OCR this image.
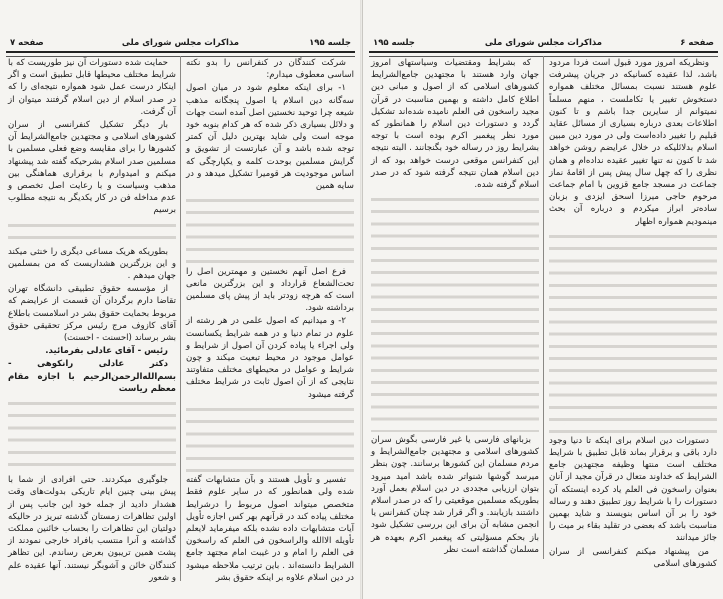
جلسه ۱۹۵
مذاکرات مجلس شورای ملی
صفحه ۷

شرکت کنندگان در کنفرانس را بدو نکته اساسی معطوف میدارم:

۱- برای اینکه معلوم شود در میان اصول سه‌گانه دین اسلام یا اصول پنجگانه مذهب شیعه چرا توحید نخستین اصل آمده است جهات و دلائل بسیاری ذکر شده که هر کدام بنوبه خود موجه است ولی شاید بهترین دلیل آن کمتر توجه شده باشد و آن عبارتست از تشویق و گرایش مسلمین بوحدت کلمه و یکپارچگی که اساس موجودیت هر قومیرا تشکیل میدهد و در سایه همین

فرع اصل آنهم نخستین و مهمترین اصل را تحت‌الشعاع قرارداد و این بزرگترین مانعی است که هرچه زودتر باید از پیش پای مسلمین برداشته شود.

۲- و میدانیم که اصول علمی در هر رشته از علوم در تمام دنیا و در همه شرایط یکسانست ولی اجراء یا پیاده کردن آن اصول از شرایط و عوامل موجود در محیط تبعیت میکند و چون شرایط و عوامل در محیطهای مختلف متفاوتند نتایجی که از آن اصول ثابت در شرایط مختلف گرفته میشود

تفسیر و تأویل هستند و بآن متشابهات گفته شده ولی همانطور که در سایر علوم فقط متخصص میتواند اصول مربوط را درشرایط مختلف پیاده کند در قرآنهم بهر کس اجازه تأویل آیات متشابهات داده نشده بلکه میفرماید لایعلم تأویله الاالله والراسخون فی العلم که راسخون فی العلم را امام و در غیبت امام مجتهد جامع الشرایط دانسته‌اند . باین ترتیب ملاحظه میشود در دین اسلام علاوه بر اینکه حقوق بشر

حمایت شده دستورات آن نیز طوریست که با شرایط مختلف محیطها قابل تطبیق است و اگر اینکار درست عمل شود همواره نتیجه‌ای را که در صدر اسلام از دین اسلام گرفتند میتوان از آن گرفت.

بار دیگر تشکیل کنفرانسی از سران کشورهای اسلامی و مجتهدین جامع‌الشرایط آن کشورها را برای مقایسه وضع فعلی مسلمین با مسلمین صدر اسلام بشرحیکه گفته شد پیشنهاد میکنم و امیدوارم با برقراری هماهنگی بین مذهب وسیاست و با رعایت اصل تخصص و عدم مداخله فن در کار یکدیگر به نتیجه مطلوب برسیم

بطوریکه هریک مساعی دیگری را خنثی میکند و این بزرگترین هشداریست که من بمسلمین جهان میدهم .

از مؤسسه حقوق تطبیقی دانشگاه تهران تقاضا دارم برگردان آن قسمت از عرایضم که مربوط بحمایت حقوق بشر در اسلامست باطلاع آقای کازوف مرج رئیس مرکز تحقیقی حقوق بشر برساند (احسنت - احسنت)

رئیس - آقای عادلی بفرمائید.

دکتر عادلی رانکوهی - بسم‌الله‌الرحمن‌الرحیم با اجازه مقام معظم ریاست

جلوگیری میکردند. حتی افرادی از شما با پیش بینی چنین ایام تاریکی بدولت‌های وقت هشدار دادید از جمله خود این جانب پس از اولین تظاهرات زمستان گذشته تبریز در حالیکه دولتیان این تظاهرات را بحساب خائنین مملکت گذاشته و آنرا منتسب بافراد خارجی نمودند از پشت همین تریبون بعرض رساندم. این تظاهر کنندگان خائن و آشوبگر نیستند. آنها عقیده علم و شعور

صفحه ۶
مذاکرات مجلس شورای ملی
جلسه ۱۹۵

ونظریکه امروز مورد قبول است فردا مردود باشد، لذا عقیده کسانیکه در جریان پیشرفت علوم هستند نسبت بمسائل مختلف همواره دستخوش تغییر یا تکاملست ، منهم مسلماً نمیتوانم از سایرین جدا باشم و تا کنون اطلاعات بعدی درباره بسیاری از مسائل عقاید قبلیم را تغییر داده‌است ولی در مورد دین مبین اسلام بدلائلیکه در خلال عرایضم روشن خواهد شد تا کنون نه تنها تغییر عقیده نداده‌ام و همان نظری را که چهل سال پیش پس از اقامهٔ نماز جماعت در مسجد جامع قزوین با امام جماعت مرحوم حاجی میرزا اسحق ایزدی و بزبان ساده‌تر ابراز میکردم و درباره آن بحث مینمودیم همواره اظهار

دستورات دین اسلام برای اینکه تا دنیا وجود دارد باقی و برقرار بماند قابل تطبیق با شرایط مختلف است منتها وظیفه مجتهدین جامع الشرایط که خداوند متعال در قرآن مجید از آنان بعنوان راسخون فی العلم یاد کرده اینستکه آن دستورات را با شرایط روز تطبیق دهند و رساله خود را بر آن اساس بنویسند و شاید بهمین مناسبت باشد که بعضی در تقلید بقاء بر میت را جائز میدانند

من پیشنهاد میکنم کنفرانسی از سران کشورهای اسلامی

که بشرایط ومقتضیات وسیاستهای امروز جهان وارد هستند با مجتهدین جامع‌الشرایط کشورهای اسلامی که از اصول و مبانی دین اطلاع کامل داشته و بهمین مناسبت در قرآن مجید راسخون فی العلم نامیده شده‌اند تشکیل گردد و دستورات دین اسلام را همانطور که مورد نظر پیغمبر اکرم بوده است با توجه بشرایط روز در رساله خود بگنجانند . البته نتیجه این کنفرانس موقعی درست خواهد بود که از دین اسلام همان نتیجه گرفته شود که در صدر اسلام گرفته شده.

بزبانهای فارسی یا غیر فارسی بگوش سران کشورهای اسلامی و مجتهدین جامع‌الشرایط و مردم مسلمان این کشورها برسانند. چون بنظر میرسد گوشها شنواتر شده باشد امید میرود بتوان ارزیابی مجددی در دین اسلام بعمل آورد بطوریکه مسلمین موقعیتی را که در صدر اسلام داشتند بازیابند. و اگر قرار شد چنان کنفرانس یا انجمن مشابه آن برای این بررسی تشکیل شود باز بحکم مسؤلیتی که پیغمبر اکرم بعهده هر مسلمان گذاشته است نظر
